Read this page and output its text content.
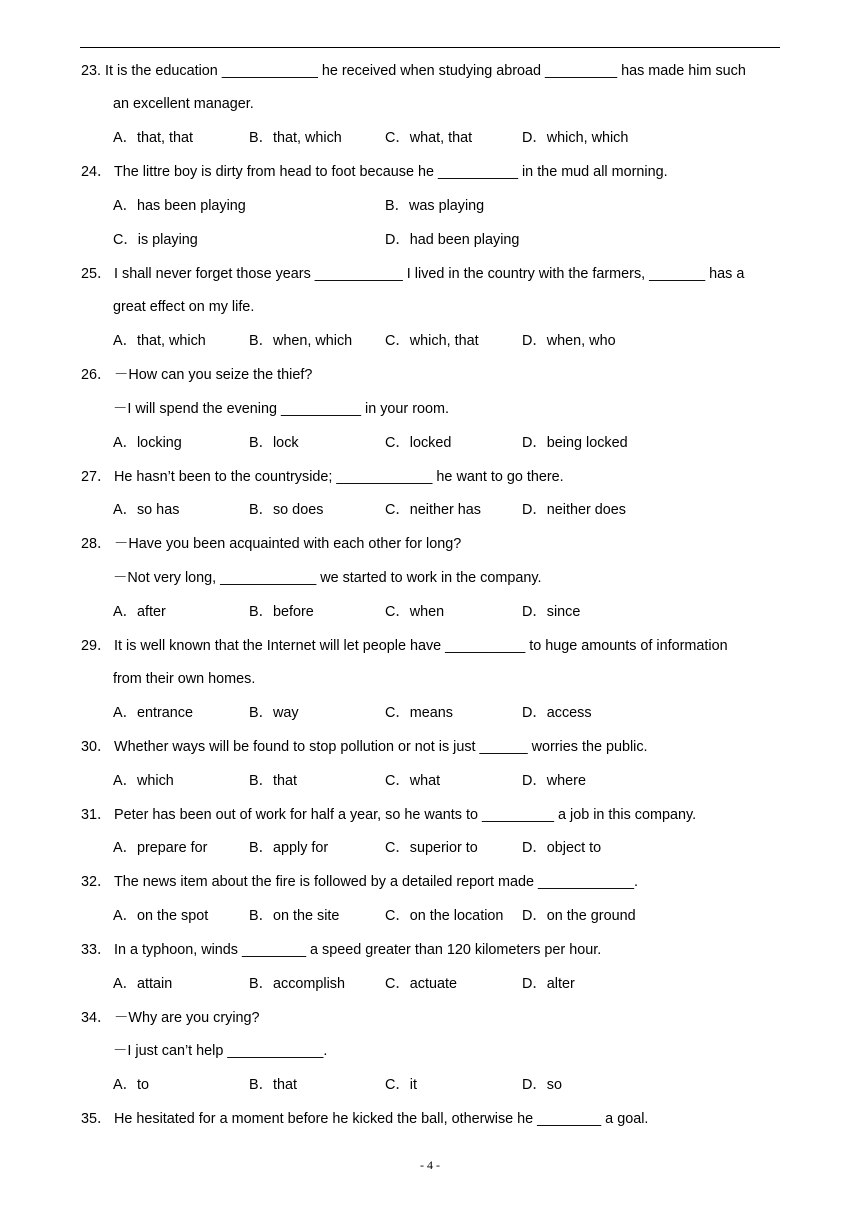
23. It is the education ____________ he received when studying abroad _________ has made him such
an excellent manager.
A．that, that	B．that, which	C．what, that	D．which, which
24． The littre boy is dirty from head to foot because he __________ in the mud all morning.
A．has been playing	B．was playing
C．is playing	D．had been playing
25． I shall never forget those years ___________ I lived in the country with the farmers, _______ has a
great effect on my life.
A．that, which	B．when, which C．which, that	D．when, who
26． －How can you seize the thief?
－I will spend the evening __________ in your room.
A．locking	B．lock	C．locked	D．being locked
27． He hasn’t been to the countryside; ____________ he want to go there.
A．so has	B．so does	C．neither has	D．neither does
28． －Have you been acquainted with each other for long?
－Not very long, ____________ we started to work in the company.
A．after	B．before	C．when	D．since
29． It is well known that the Internet will let people have __________ to huge amounts of information
from their own homes.
A．entrance	B．way	C．means	D．access
30． Whether ways will be found to stop pollution or not is just ______ worries the public.
A．which	B．that	C．what	D．where
31． Peter has been out of work for half a year, so he wants to _________ a job in this company.
A．prepare for	B．apply for	C．superior to	D．object to
32． The news item about the fire is followed by a detailed report made ____________.
A．on the spot	B．on the site	C．on the location D．on the ground
33． In a typhoon, winds ________ a speed greater than 120 kilometers per hour.
A．attain	B．accomplish	C．actuate	D．alter
34． －Why are you crying?
－I just can’t help ____________.
A．to	B．that	C．it	D．so
35． He hesitated for a moment before he kicked the ball, otherwise he ________ a goal.
- 4 -
